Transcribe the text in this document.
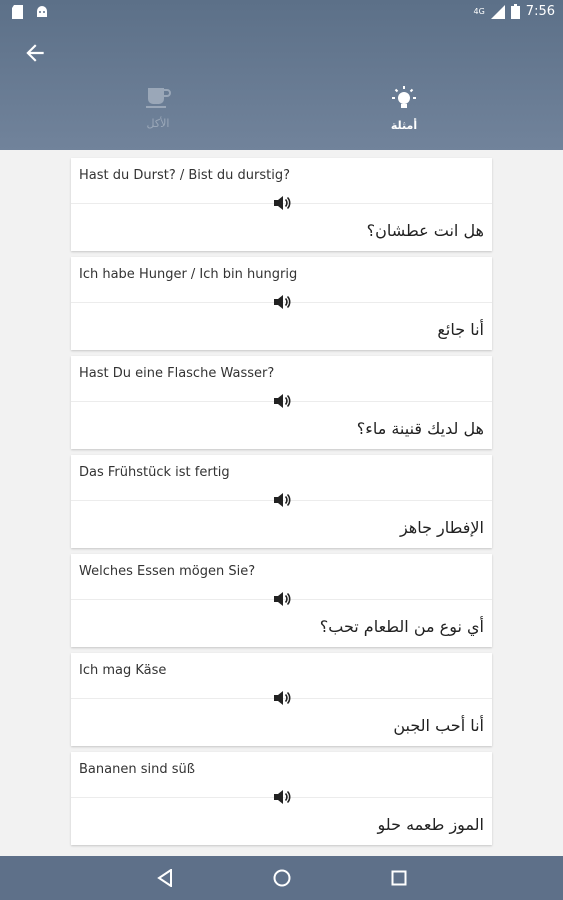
4G	7:56
الأكل	أمثلة
Hast du Durst? / Bist du durstig?
هل انت عطشان؟
Ich habe Hunger / Ich bin hungrig
أنا جائع
Hast Du eine Flasche Wasser?
هل لديك قنينة ماء؟
Das Frühstück ist fertig
الإفطار جاهز
Welches Essen mögen Sie?
أي نوع من الطعام تحب؟
Ich mag Käse
أنا أحب الجبن
Bananen sind süß
الموز طعمه حلو
